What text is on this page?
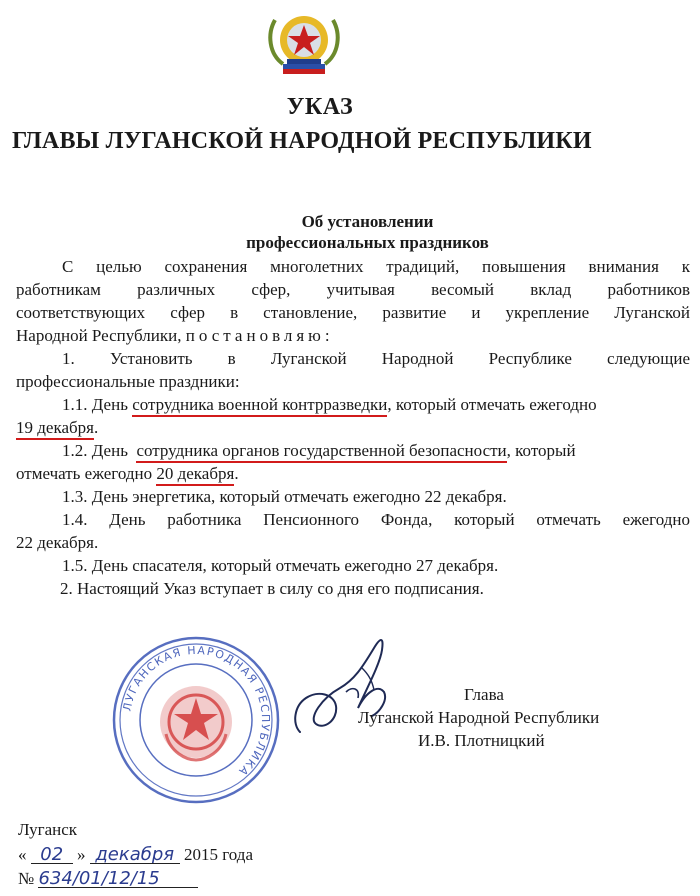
УКАЗ
ГЛАВЫ ЛУГАНСКОЙ НАРОДНОЙ РЕСПУБЛИКИ
Об установлении
профессиональных праздников
С целью сохранения многолетних традиций, повышения внимания к
работникам различных сфер, учитывая весомый вклад работников
соответствующих сфер в становление, развитие и укрепление Луганской
Народной Республики, постановляю:
1. Установить в Луганской Народной Республике следующие
профессиональные праздники:
1.1. День сотрудника военной контрразведки, который отмечать ежегодно
19 декабря.
1.2. День сотрудника органов государственной безопасности, который
отмечать ежегодно 20 декабря.
1.3. День энергетика, который отмечать ежегодно 22 декабря.
1.4. День работника Пенсионного Фонда, который отмечать ежегодно
22 декабря.
1.5. День спасателя, который отмечать ежегодно 27 декабря.
2. Настоящий Указ вступает в силу со дня его подписания.
ЛУГАНСКАЯ НАРОДНАЯ РЕСПУБЛИКА
Глава
Луганской Народной Республики
И.В. Плотницкий
Луганск
« 02 » декабря 2015 года
№ 634/01/12/15
